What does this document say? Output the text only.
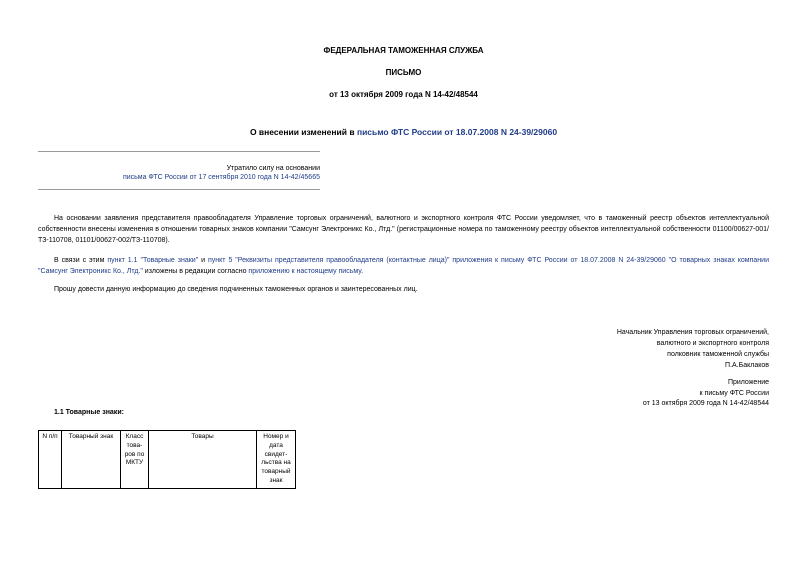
ФЕДЕРАЛЬНАЯ ТАМОЖЕННАЯ СЛУЖБА
ПИСЬМО
от 13 октября 2009 года N 14-42/48544
О внесении изменений в письмо ФТС России от 18.07.2008 N 24-39/29060
Утратило силу на основании
письма ФТС России от 17 сентября 2010 года N 14-42/45665
На основании заявления представителя правообладателя Управление торговых ограничений, валютного и экспортного контроля ФТС России уведомляет, что в таможенный реестр объектов интеллектуальной собственности внесены изменения в отношении товарных знаков компании "Самсунг Электроникс Ко., Лтд." (регистрационные номера по таможенному реестру объектов интеллектуальной собственности 01100/00627-001/ТЗ-110708, 01101/00627-002/ТЗ-110708).
В связи с этим пункт 1.1 "Товарные знаки" и пункт 5 "Реквизиты представителя правообладателя (контактные лица)" приложения к письму ФТС России от 18.07.2008 N 24-39/29060 "О товарных знаках компании "Самсунг Электроникс Ко., Лтд." изложены в редакции согласно приложению к настоящему письму.
Прошу довести данную информацию до сведения подчиненных таможенных органов и заинтересованных лиц.
Начальник Управления торговых ограничений,
валютного и экспортного контроля
полковник таможенной службы
П.А.Баклаков
Приложение
к письму ФТС России
от 13 октября 2009 года N 14-42/48544
1.1 Товарные знаки:
N п/п	Товарный знак	Класс това- ров по МКТУ	Товары	Номер и дата свидет- льства на товарный знак
